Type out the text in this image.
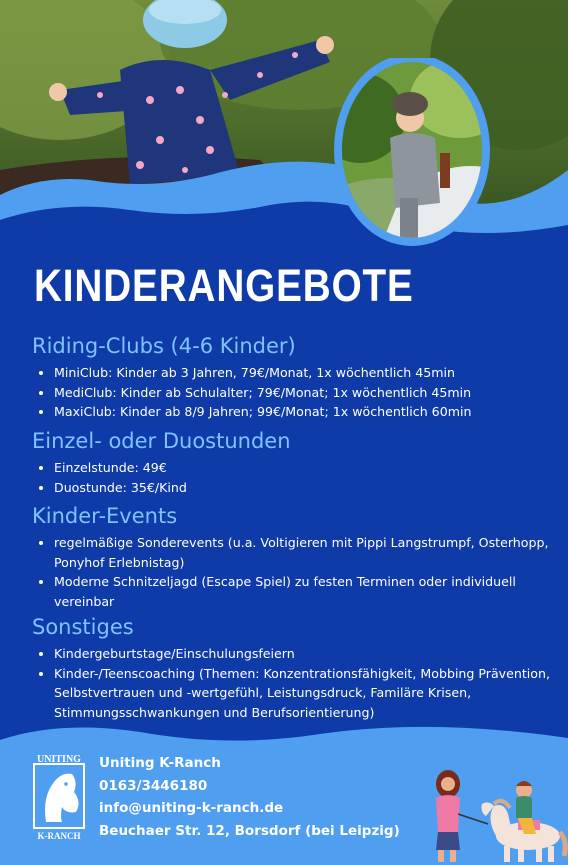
KINDERANGEBOTE
Riding-Clubs (4-6 Kinder)
• MiniClub: Kinder ab 3 Jahren, 79€/Monat, 1x wöchentlich 45min
• MediClub: Kinder ab Schulalter; 79€/Monat; 1x wöchentlich 45min
• MaxiClub: Kinder ab 8/9 Jahren; 99€/Monat; 1x wöchentlich 60min
Einzel- oder Duostunden
• Einzelstunde: 49€
• Duostunde: 35€/Kind
Kinder-Events
• regelmäßige Sonderevents (u.a. Voltigieren mit Pippi Langstrumpf, Osterhopp, Ponyhof Erlebnistag)
• Moderne Schnitzeljagd (Escape Spiel) zu festen Terminen oder individuell vereinbar
Sonstiges
• Kindergeburtstage/Einschulungsfeiern
• Kinder-/Teenscoaching (Themen: Konzentrationsfähigkeit, Mobbing Prävention, Selbstvertrauen und -wertgefühl, Leistungsdruck, Familäre Krisen, Stimmungsschwankungen und Berufsorientierung)
UNITING
K-RANCH
Uniting K-Ranch
0163/3446180
info@uniting-k-ranch.de
Beuchaer Str. 12, Borsdorf (bei Leipzig)
